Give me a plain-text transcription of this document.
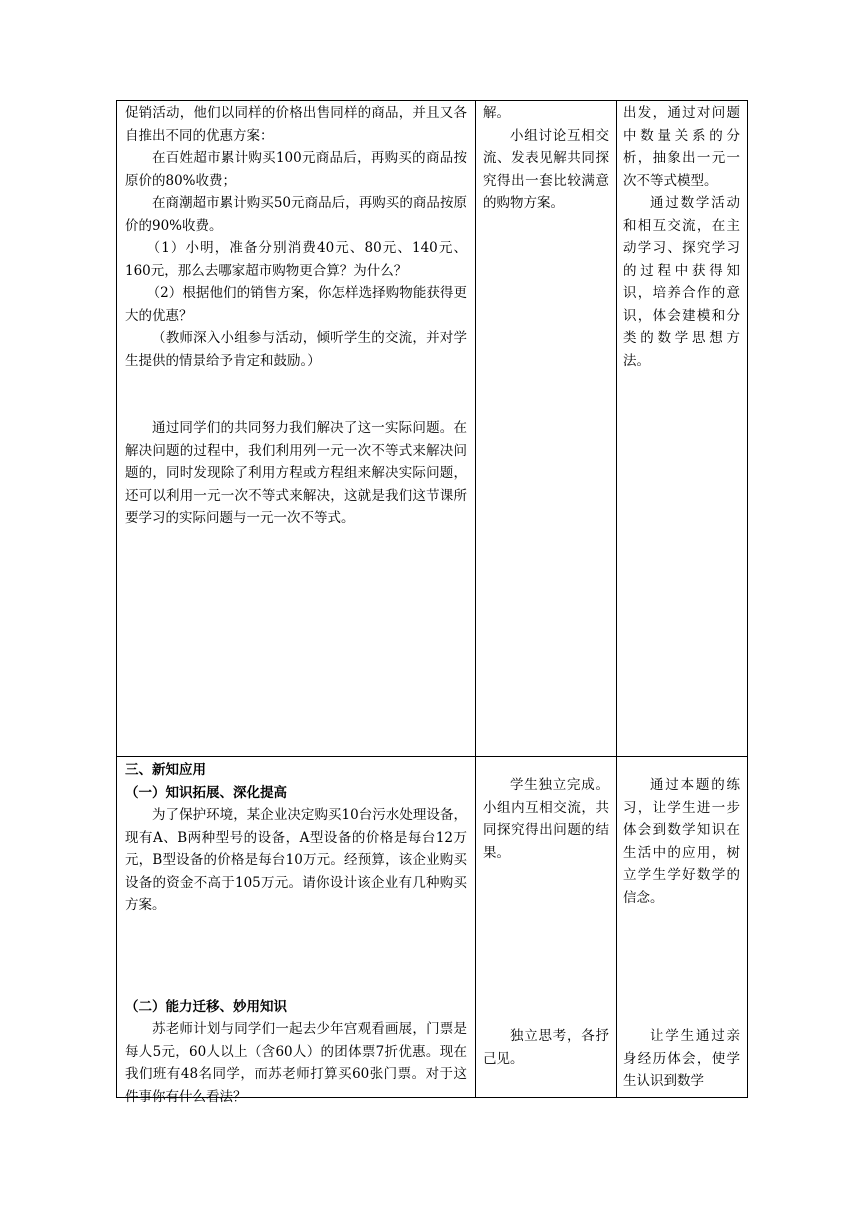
促销活动，他们以同样的价格出售同样的商品，并且又各自推出不同的优惠方案：

在百姓超市累计购买100元商品后，再购买的商品按原价的80%收费；

在商潮超市累计购买50元商品后，再购买的商品按原价的90%收费。

（1）小明，准备分别消费40元、80元、140元、160元，那么去哪家超市购物更合算？为什么？

（2）根据他们的销售方案，你怎样选择购物能获得更大的优惠？

（教师深入小组参与活动，倾听学生的交流，并对学生提供的情景给予肯定和鼓励。）

通过同学们的共同努力我们解决了这一实际问题。在解决问题的过程中，我们利用列一元一次不等式来解决问题的，同时发现除了利用方程或方程组来解决实际问题，还可以利用一元一次不等式来解决，这就是我们这节课所要学习的实际问题与一元一次不等式。

解。

小组讨论互相交流、发表见解共同探究得出一套比较满意的购物方案。

出发，通过对问题中数量关系的分析，抽象出一元一次不等式模型。

通过数学活动和相互交流，在主动学习、探究学习的过程中获得知识，培养合作的意识，体会建模和分类的数学思想方法。

三、新知应用

（一）知识拓展、深化提高

为了保护环境，某企业决定购买10台污水处理设备，现有A、B两种型号的设备，A型设备的价格是每台12万元，B型设备的价格是每台10万元。经预算，该企业购买设备的资金不高于105万元。请你设计该企业有几种购买方案。

（二）能力迁移、妙用知识

苏老师计划与同学们一起去少年宫观看画展，门票是每人5元，60人以上（含60人）的团体票7折优惠。现在我们班有48名同学，而苏老师打算买60张门票。对于这件事你有什么看法？

学生独立完成。小组内互相交流，共同探究得出问题的结果。

独立思考，各抒己见。

通过本题的练习，让学生进一步体会到数学知识在生活中的应用，树立学生学好数学的信念。

让学生通过亲身经历体会，使学生认识到数学
